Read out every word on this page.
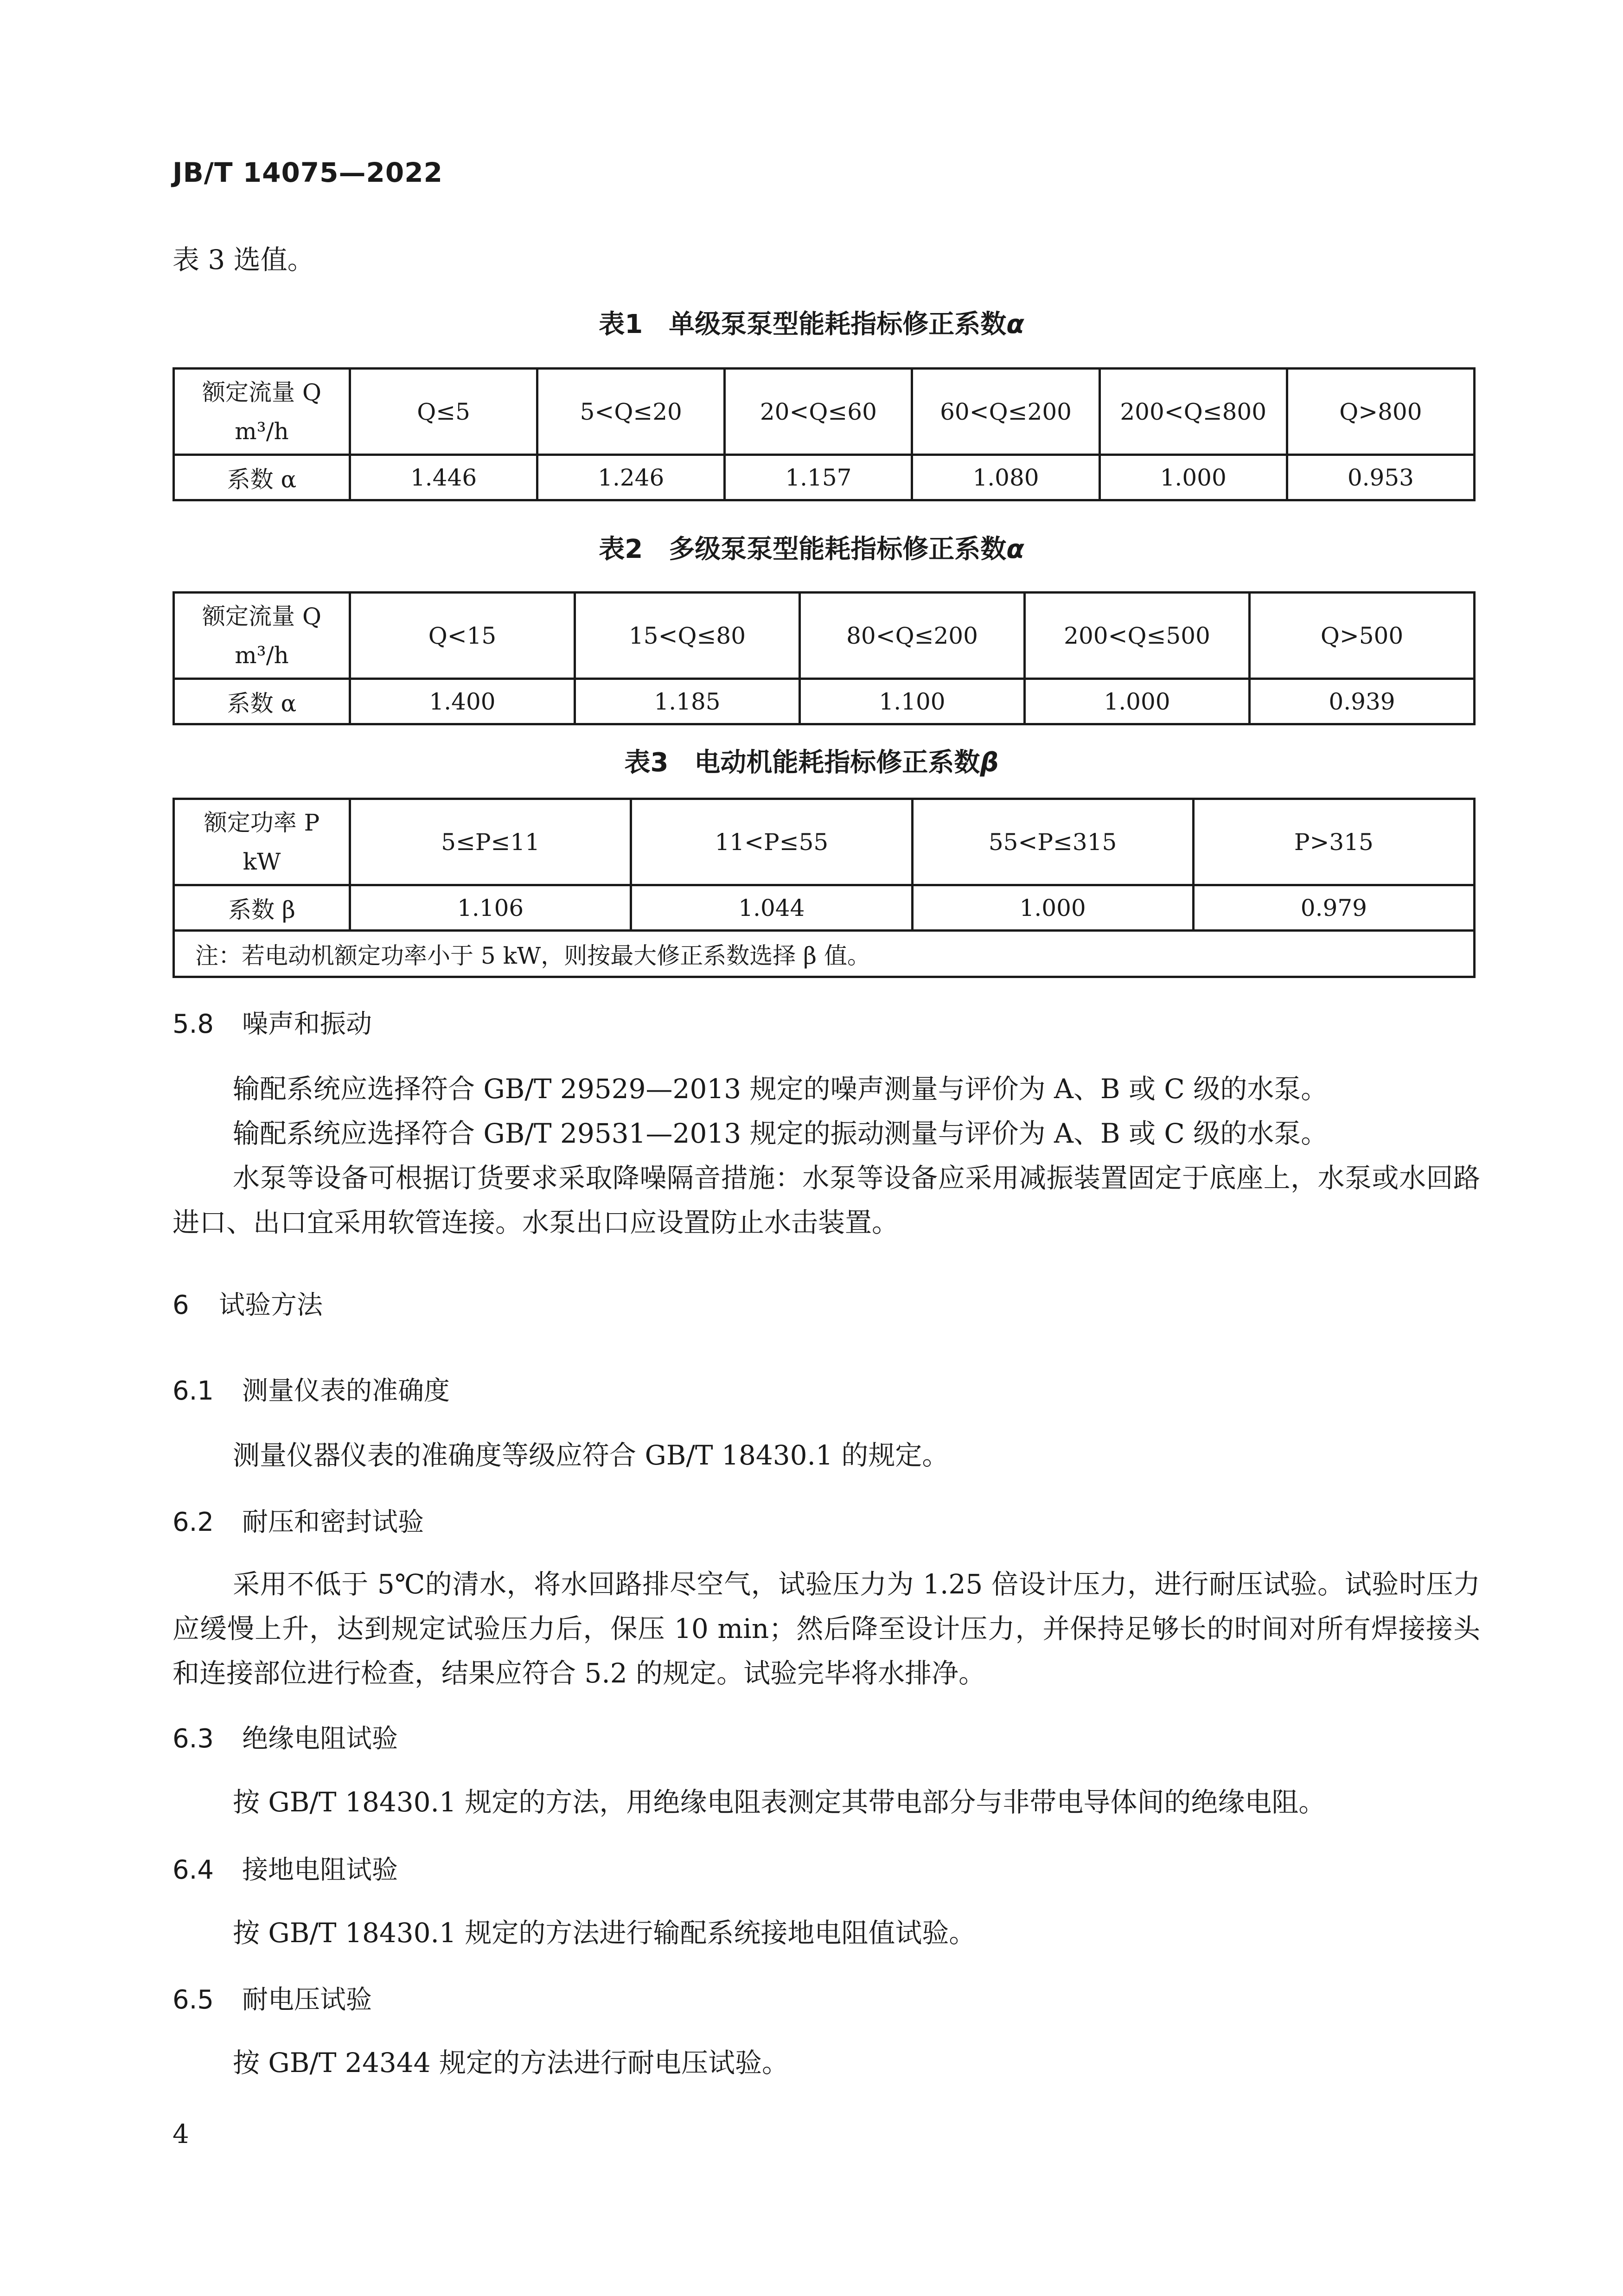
JB/T 14075—2022
表 3 选值。
表1　单级泵泵型能耗指标修正系数α
额定流量 Q
m³/h	Q≤5	5<Q≤20	20<Q≤60	60<Q≤200	200<Q≤800	Q>800
系数 α	1.446	1.246	1.157	1.080	1.000	0.953
表2　多级泵泵型能耗指标修正系数α
额定流量 Q
m³/h	Q<15	15<Q≤80	80<Q≤200	200<Q≤500	Q>500
系数 α	1.400	1.185	1.100	1.000	0.939
表3　电动机能耗指标修正系数β
额定功率 P
kW	5≤P≤11	11<P≤55	55<P≤315	P>315
系数 β	1.106	1.044	1.000	0.979
注：若电动机额定功率小于 5 kW，则按最大修正系数选择 β 值。				
5.8 噪声和振动

输配系统应选择符合 GB/T 29529—2013 规定的噪声测量与评价为 A、B 或 C 级的水泵。

输配系统应选择符合 GB/T 29531—2013 规定的振动测量与评价为 A、B 或 C 级的水泵。

水泵等设备可根据订货要求采取降噪隔音措施：水泵等设备应采用减振装置固定于底座上，水泵或水回路进口、出口宜采用软管连接。水泵出口应设置防止水击装置。

6 试验方法
6.1 测量仪表的准确度

测量仪器仪表的准确度等级应符合 GB/T 18430.1 的规定。

6.2 耐压和密封试验

采用不低于 5℃的清水，将水回路排尽空气，试验压力为 1.25 倍设计压力，进行耐压试验。试验时压力应缓慢上升，达到规定试验压力后，保压 10 min；然后降至设计压力，并保持足够长的时间对所有焊接接头和连接部位进行检查，结果应符合 5.2 的规定。试验完毕将水排净。

6.3 绝缘电阻试验

按 GB/T 18430.1 规定的方法，用绝缘电阻表测定其带电部分与非带电导体间的绝缘电阻。

6.4 接地电阻试验

按 GB/T 18430.1 规定的方法进行输配系统接地电阻值试验。

6.5 耐电压试验

按 GB/T 24344 规定的方法进行耐电压试验。

4
